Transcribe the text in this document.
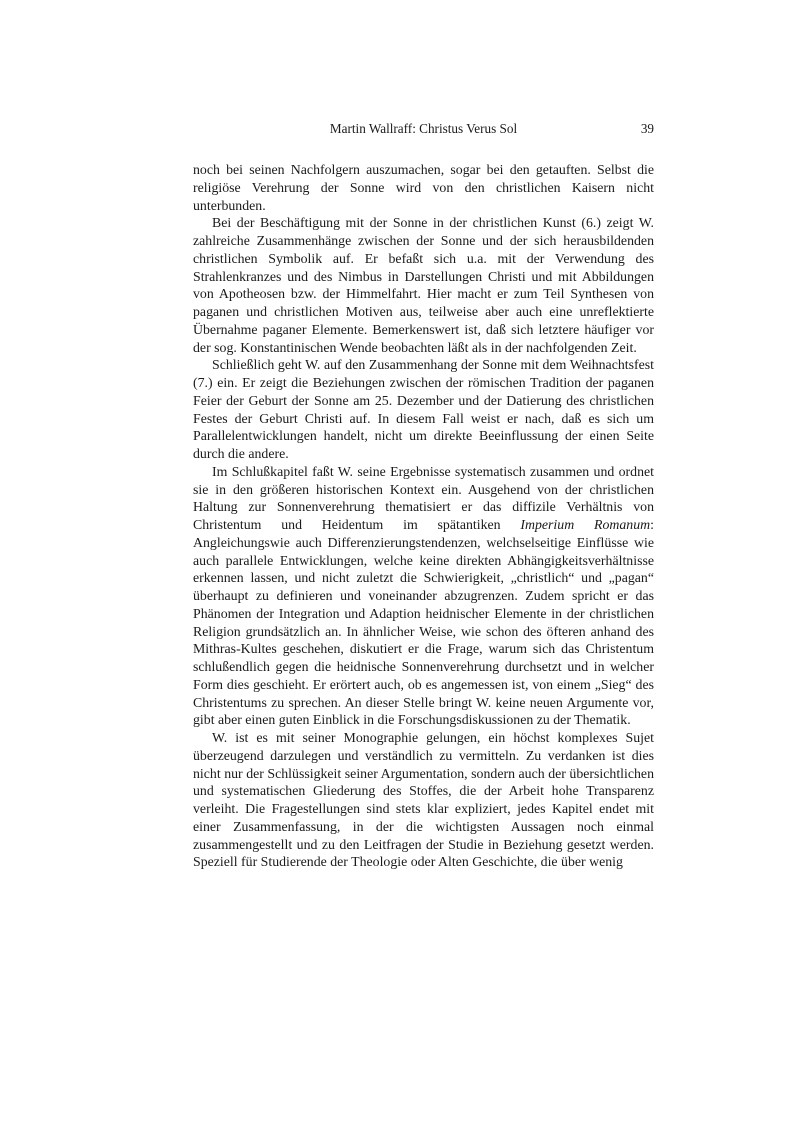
Martin Wallraff: Christus Verus Sol	39

noch bei seinen Nachfolgern auszumachen, sogar bei den getauften. Selbst die religiöse Verehrung der Sonne wird von den christlichen Kaisern nicht unterbunden.

Bei der Beschäftigung mit der Sonne in der christlichen Kunst (6.) zeigt W. zahlreiche Zusammenhänge zwischen der Sonne und der sich herausbildenden christlichen Symbolik auf. Er befaßt sich u.a. mit der Verwendung des Strahlenkranzes und des Nimbus in Darstellungen Christi und mit Abbildungen von Apotheosen bzw. der Himmelfahrt. Hier macht er zum Teil Synthesen von paganen und christlichen Motiven aus, teilweise aber auch eine unreflektierte Übernahme paganer Elemente. Bemerkenswert ist, daß sich letztere häufiger vor der sog. Konstantinischen Wende beobachten läßt als in der nachfolgenden Zeit.

Schließlich geht W. auf den Zusammenhang der Sonne mit dem Weihnachtsfest (7.) ein. Er zeigt die Beziehungen zwischen der römischen Tradition der paganen Feier der Geburt der Sonne am 25. Dezember und der Datierung des christlichen Festes der Geburt Christi auf. In diesem Fall weist er nach, daß es sich um Parallelentwicklungen handelt, nicht um direkte Beeinflussung der einen Seite durch die andere.

Im Schlußkapitel faßt W. seine Ergebnisse systematisch zusammen und ordnet sie in den größeren historischen Kontext ein. Ausgehend von der christlichen Haltung zur Sonnenverehrung thematisiert er das diffizile Verhältnis von Christentum und Heidentum im spätantiken Imperium Romanum: Angleichungswie auch Differenzierungstendenzen, welchselseitige Einflüsse wie auch parallele Entwicklungen, welche keine direkten Abhängigkeitsverhältnisse erkennen lassen, und nicht zuletzt die Schwierigkeit, „christlich“ und „pagan“ überhaupt zu definieren und voneinander abzugrenzen. Zudem spricht er das Phänomen der Integration und Adaption heidnischer Elemente in der christlichen Religion grundsätzlich an. In ähnlicher Weise, wie schon des öfteren anhand des Mithras-Kultes geschehen, diskutiert er die Frage, warum sich das Christentum schlußendlich gegen die heidnische Sonnenverehrung durchsetzt und in welcher Form dies geschieht. Er erörtert auch, ob es angemessen ist, von einem „Sieg“ des Christentums zu sprechen. An dieser Stelle bringt W. keine neuen Argumente vor, gibt aber einen guten Einblick in die Forschungsdiskussionen zu der Thematik.

W. ist es mit seiner Monographie gelungen, ein höchst komplexes Sujet überzeugend darzulegen und verständlich zu vermitteln. Zu verdanken ist dies nicht nur der Schlüssigkeit seiner Argumentation, sondern auch der übersichtlichen und systematischen Gliederung des Stoffes, die der Arbeit hohe Transparenz verleiht. Die Fragestellungen sind stets klar expliziert, jedes Kapitel endet mit einer Zusammenfassung, in der die wichtigsten Aussagen noch einmal zusammengestellt und zu den Leitfragen der Studie in Beziehung gesetzt werden. Speziell für Studierende der Theologie oder Alten Geschichte, die über wenig
